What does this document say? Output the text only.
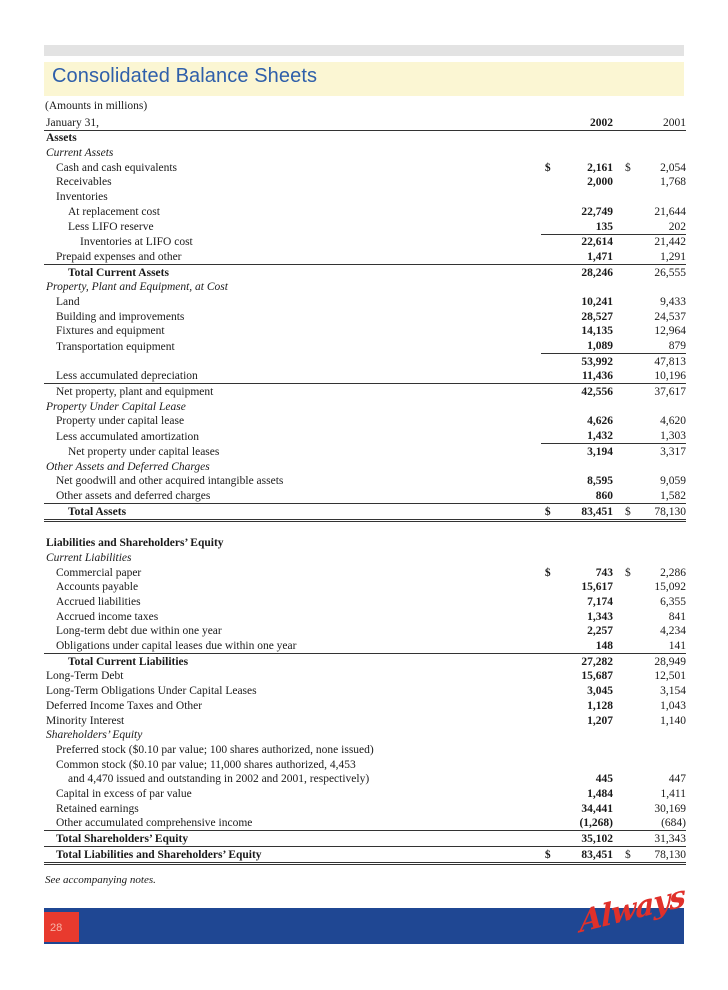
Consolidated Balance Sheets
(Amounts in millions)
January 31,	2002	2001
Assets		
Current Assets		
Cash and cash equivalents	$ 2,161	$ 2,054
Receivables	2,000	1,768
Inventories		
At replacement cost	22,749	21,644
Less LIFO reserve	135	202
Inventories at LIFO cost	22,614	21,442
Prepaid expenses and other	1,471	1,291
Total Current Assets	28,246	26,555
Property, Plant and Equipment, at Cost		
Land	10,241	9,433
Building and improvements	28,527	24,537
Fixtures and equipment	14,135	12,964
Transportation equipment	1,089	879
	53,992	47,813
Less accumulated depreciation	11,436	10,196
Net property, plant and equipment	42,556	37,617
Property Under Capital Lease		
Property under capital lease	4,626	4,620
Less accumulated amortization	1,432	1,303
Net property under capital leases	3,194	3,317
Other Assets and Deferred Charges		
Net goodwill and other acquired intangible assets	8,595	9,059
Other assets and deferred charges	860	1,582
Total Assets	$ 83,451	$ 78,130

Liabilities and Shareholders’ Equity		
Current Liabilities		
Commercial paper	$ 743	$ 2,286
Accounts payable	15,617	15,092
Accrued liabilities	7,174	6,355
Accrued income taxes	1,343	841
Long-term debt due within one year	2,257	4,234
Obligations under capital leases due within one year	148	141
Total Current Liabilities	27,282	28,949
Long-Term Debt	15,687	12,501
Long-Term Obligations Under Capital Leases	3,045	3,154
Deferred Income Taxes and Other	1,128	1,043
Minority Interest	1,207	1,140
Shareholders’ Equity		
Preferred stock ($0.10 par value; 100 shares authorized, none issued)		
Common stock ($0.10 par value; 11,000 shares authorized, 4,453		
and 4,470 issued and outstanding in 2002 and 2001, respectively)	445	447
Capital in excess of par value	1,484	1,411
Retained earnings	34,441	30,169
Other accumulated comprehensive income	(1,268)	(684)
Total Shareholders’ Equity	35,102	31,343
Total Liabilities and Shareholders’ Equity	$ 83,451	$ 78,130
See accompanying notes.
28	Always
